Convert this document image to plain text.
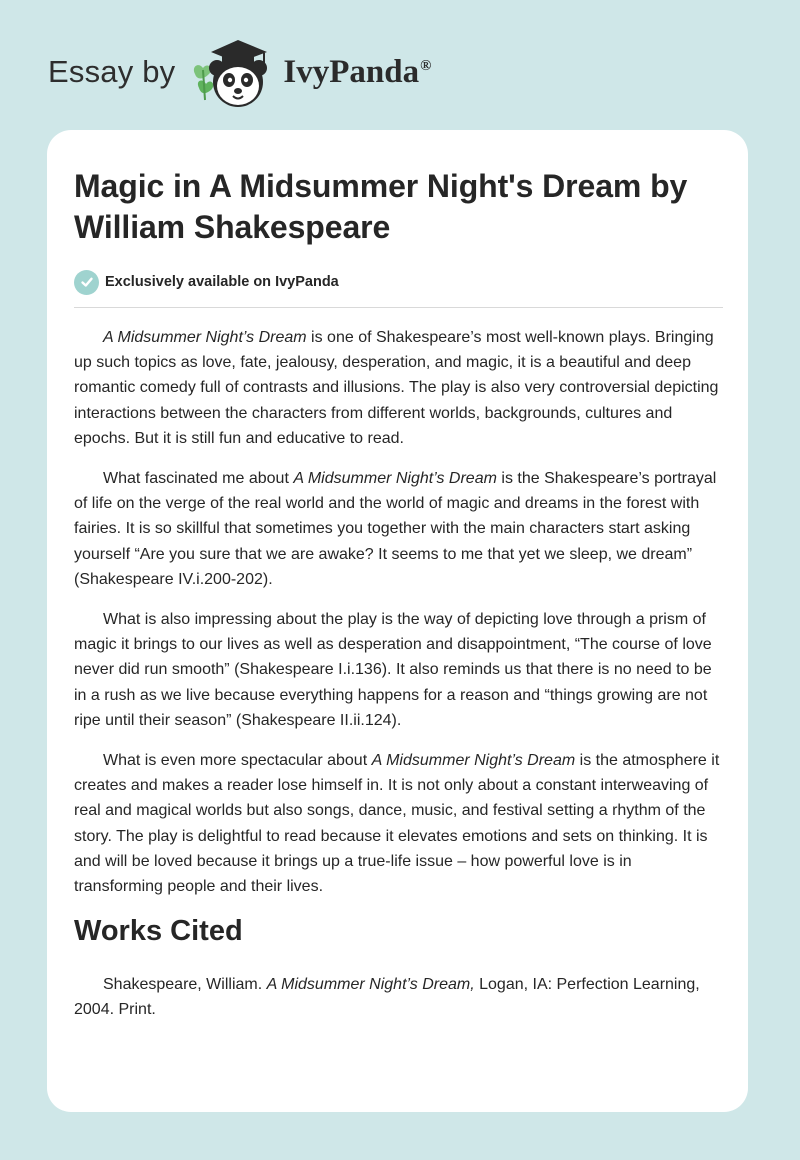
Essay by	IvyPanda®
Magic in A Midsummer Night's Dream by William Shakespeare
Exclusively available on IvyPanda

A Midsummer Night’s Dream is one of Shakespeare’s most well-known plays. Bringing up such topics as love, fate, jealousy, desperation, and magic, it is a beautiful and deep romantic comedy full of contrasts and illusions. The play is also very controversial depicting interactions between the characters from different worlds, backgrounds, cultures and epochs. But it is still fun and educative to read.

What fascinated me about A Midsummer Night’s Dream is the Shakespeare’s portrayal of life on the verge of the real world and the world of magic and dreams in the forest with fairies. It is so skillful that sometimes you together with the main characters start asking yourself “Are you sure that we are awake? It seems to me that yet we sleep, we dream” (Shakespeare IV.i.200-202).

What is also impressing about the play is the way of depicting love through a prism of magic it brings to our lives as well as desperation and disappointment, “The course of love never did run smooth” (Shakespeare I.i.136). It also reminds us that there is no need to be in a rush as we live because everything happens for a reason and “things growing are not ripe until their season” (Shakespeare II.ii.124).

What is even more spectacular about A Midsummer Night’s Dream is the atmosphere it creates and makes a reader lose himself in. It is not only about a constant interweaving of real and magical worlds but also songs, dance, music, and festival setting a rhythm of the story. The play is delightful to read because it elevates emotions and sets on thinking. It is and will be loved because it brings up a true-life issue – how powerful love is in transforming people and their lives.

Works Cited

Shakespeare, William. A Midsummer Night’s Dream, Logan, IA: Perfection Learning, 2004. Print.
